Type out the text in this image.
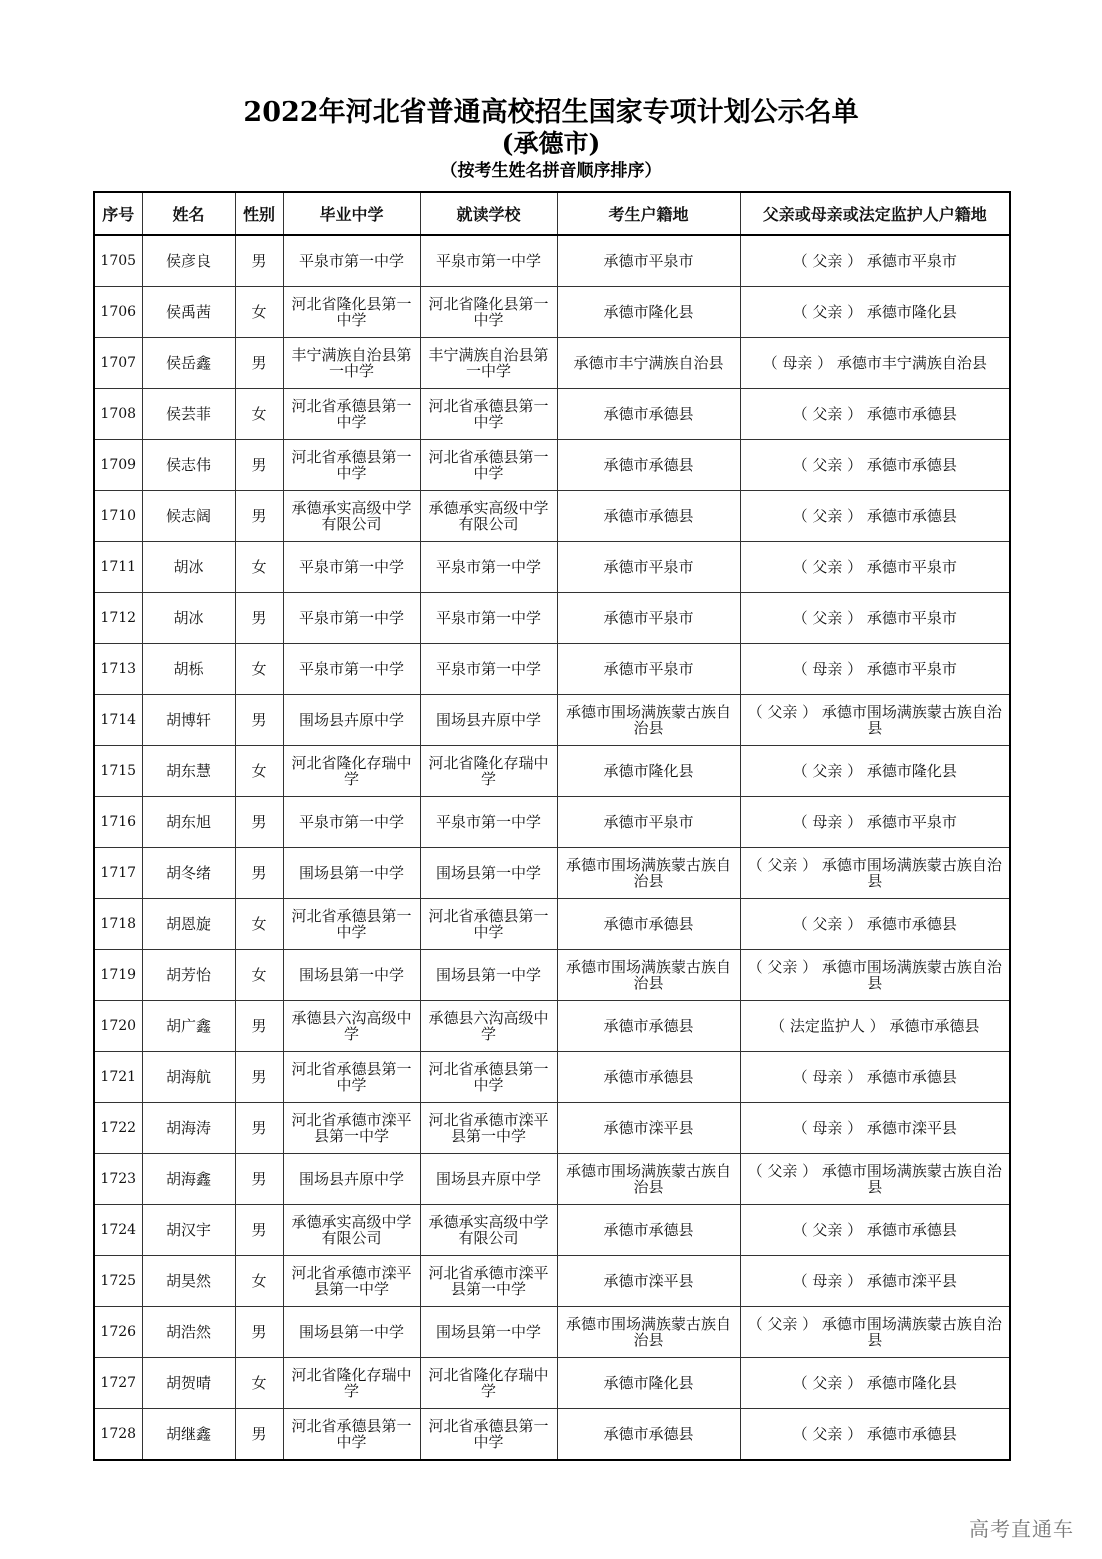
2022年河北省普通高校招生国家专项计划公示名单
(承德市)
（按考生姓名拼音顺序排序）
序号	姓名	性别	毕业中学	就读学校	考生户籍地	父亲或母亲或法定监护人户籍地
1705	侯彦良	男	平泉市第一中学	平泉市第一中学	承德市平泉市	（ 父亲 ） 承德市平泉市
1706	侯禹茜	女	河北省隆化县第一中学	河北省隆化县第一中学	承德市隆化县	（ 父亲 ） 承德市隆化县
1707	侯岳鑫	男	丰宁满族自治县第一中学	丰宁满族自治县第一中学	承德市丰宁满族自治县	（ 母亲 ） 承德市丰宁满族自治县
1708	侯芸菲	女	河北省承德县第一中学	河北省承德县第一中学	承德市承德县	（ 父亲 ） 承德市承德县
1709	侯志伟	男	河北省承德县第一中学	河北省承德县第一中学	承德市承德县	（ 父亲 ） 承德市承德县
1710	候志阔	男	承德承实高级中学有限公司	承德承实高级中学有限公司	承德市承德县	（ 父亲 ） 承德市承德县
1711	胡冰	女	平泉市第一中学	平泉市第一中学	承德市平泉市	（ 父亲 ） 承德市平泉市
1712	胡冰	男	平泉市第一中学	平泉市第一中学	承德市平泉市	（ 父亲 ） 承德市平泉市
1713	胡栎	女	平泉市第一中学	平泉市第一中学	承德市平泉市	（ 母亲 ） 承德市平泉市
1714	胡博轩	男	围场县卉原中学	围场县卉原中学	承德市围场满族蒙古族自治县	（ 父亲 ） 承德市围场满族蒙古族自治县
1715	胡东慧	女	河北省隆化存瑞中学	河北省隆化存瑞中学	承德市隆化县	（ 父亲 ） 承德市隆化县
1716	胡东旭	男	平泉市第一中学	平泉市第一中学	承德市平泉市	（ 母亲 ） 承德市平泉市
1717	胡冬绪	男	围场县第一中学	围场县第一中学	承德市围场满族蒙古族自治县	（ 父亲 ） 承德市围场满族蒙古族自治县
1718	胡恩旋	女	河北省承德县第一中学	河北省承德县第一中学	承德市承德县	（ 父亲 ） 承德市承德县
1719	胡芳怡	女	围场县第一中学	围场县第一中学	承德市围场满族蒙古族自治县	（ 父亲 ） 承德市围场满族蒙古族自治县
1720	胡广鑫	男	承德县六沟高级中学	承德县六沟高级中学	承德市承德县	（ 法定监护人 ） 承德市承德县
1721	胡海航	男	河北省承德县第一中学	河北省承德县第一中学	承德市承德县	（ 母亲 ） 承德市承德县
1722	胡海涛	男	河北省承德市滦平县第一中学	河北省承德市滦平县第一中学	承德市滦平县	（ 母亲 ） 承德市滦平县
1723	胡海鑫	男	围场县卉原中学	围场县卉原中学	承德市围场满族蒙古族自治县	（ 父亲 ） 承德市围场满族蒙古族自治县
1724	胡汉宇	男	承德承实高级中学有限公司	承德承实高级中学有限公司	承德市承德县	（ 父亲 ） 承德市承德县
1725	胡昊然	女	河北省承德市滦平县第一中学	河北省承德市滦平县第一中学	承德市滦平县	（ 母亲 ） 承德市滦平县
1726	胡浩然	男	围场县第一中学	围场县第一中学	承德市围场满族蒙古族自治县	（ 父亲 ） 承德市围场满族蒙古族自治县
1727	胡贺晴	女	河北省隆化存瑞中学	河北省隆化存瑞中学	承德市隆化县	（ 父亲 ） 承德市隆化县
1728	胡继鑫	男	河北省承德县第一中学	河北省承德县第一中学	承德市承德县	（ 父亲 ） 承德市承德县
高考直通车
